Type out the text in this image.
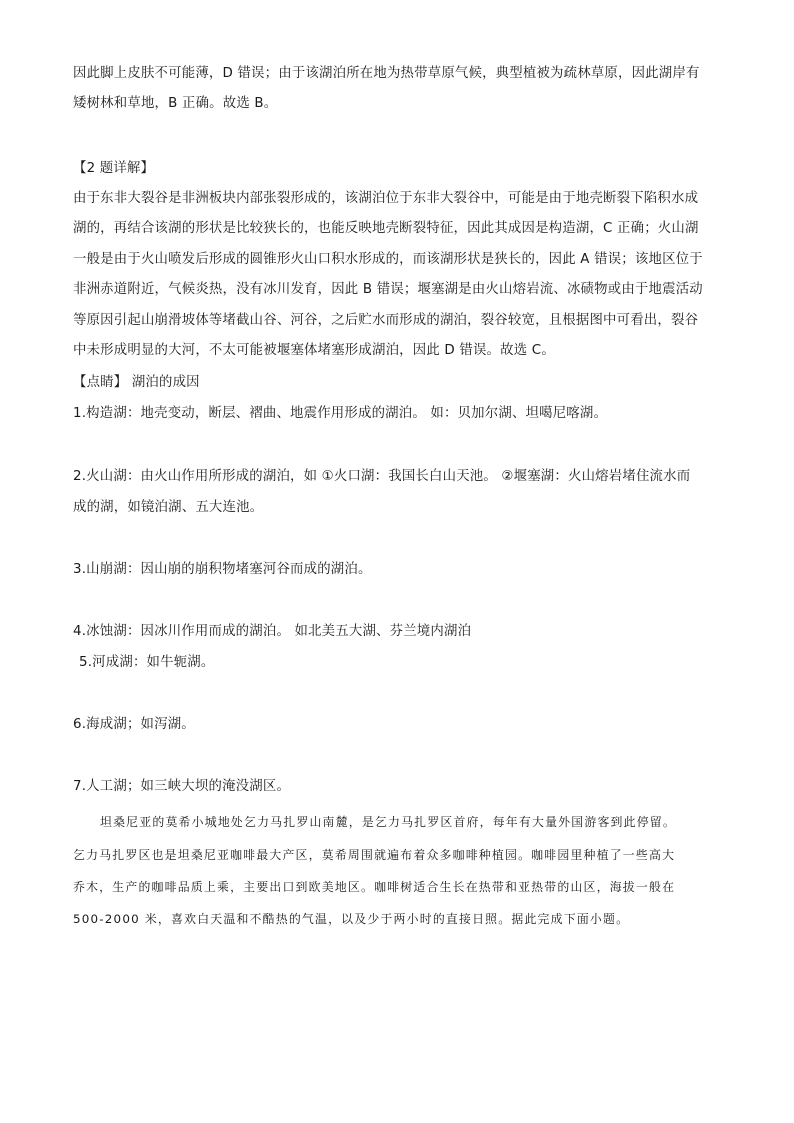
因此脚上皮肤不可能薄，D 错误；由于该湖泊所在地为热带草原气候，典型植被为疏林草原，因此湖岸有
矮树林和草地，B 正确。故选 B。
【2 题详解】
由于东非大裂谷是非洲板块内部张裂形成的，该湖泊位于东非大裂谷中，可能是由于地壳断裂下陷积水成
湖的，再结合该湖的形状是比较狭长的，也能反映地壳断裂特征，因此其成因是构造湖，C 正确；火山湖
一般是由于火山喷发后形成的圆锥形火山口积水形成的，而该湖形状是狭长的，因此 A 错误；该地区位于
非洲赤道附近，气候炎热，没有冰川发育，因此 B 错误；堰塞湖是由火山熔岩流、冰碛物或由于地震活动
等原因引起山崩滑坡体等堵截山谷、河谷，之后贮水而形成的湖泊，裂谷较宽，且根据图中可看出，裂谷
中未形成明显的大河，不太可能被堰塞体堵塞形成湖泊，因此 D 错误。故选 C。
【点睛】 湖泊的成因
1.构造湖：地壳变动，断层、褶曲、地震作用形成的湖泊。 如：贝加尔湖、坦噶尼喀湖。
2.火山湖：由火山作用所形成的湖泊，如 ①火口湖：我国长白山天池。 ②堰塞湖：火山熔岩堵住流水而
成的湖，如镜泊湖、五大连池。
3.山崩湖：因山崩的崩积物堵塞河谷而成的湖泊。
4.冰蚀湖：因冰川作用而成的湖泊。 如北美五大湖、芬兰境内湖泊
5.河成湖：如牛轭湖。
6.海成湖；如泻湖。
7.人工湖；如三峡大坝的淹没湖区。
坦桑尼亚的莫希小城地处乞力马扎罗山南麓，是乞力马扎罗区首府，每年有大量外国游客到此停留。
乞力马扎罗区也是坦桑尼亚咖啡最大产区，莫希周围就遍布着众多咖啡种植园。咖啡园里种植了一些高大
乔木，生产的咖啡品质上乘，主要出口到欧美地区。咖啡树适合生长在热带和亚热带的山区，海拔一般在
500-2000 米，喜欢白天温和不酷热的气温，以及少于两小时的直接日照。据此完成下面小题。
